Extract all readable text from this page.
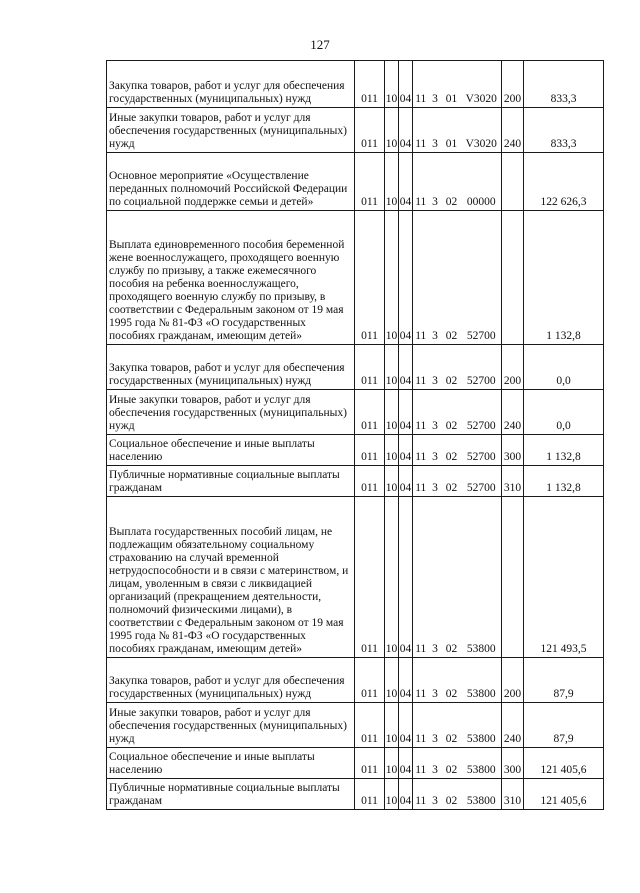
127
Закупка товаров, работ и услуг для обеспечения государственных (муниципальных) нужд	011	10	04	11	3	01	V3020	200	833,3
Иные закупки товаров, работ и услуг для обеспечения государственных (муниципальных) нужд	011	10	04	11	3	01	V3020	240	833,3
Основное мероприятие «Осуществление переданных полномочий Российской Федерации по социальной поддержке семьи и детей»	011	10	04	11	3	02	00000		122 626,3
Выплата единовременного пособия беременной жене военнослужащего, проходящего военную службу по призыву, а также ежемесячного пособия на ребенка военнослужащего, проходящего военную службу по призыву, в соответствии с Федеральным законом от 19 мая 1995 года № 81-ФЗ «О государственных пособиях гражданам, имеющим детей»	011	10	04	11	3	02	52700		1 132,8
Закупка товаров, работ и услуг для обеспечения государственных (муниципальных) нужд	011	10	04	11	3	02	52700	200	0,0
Иные закупки товаров, работ и услуг для обеспечения государственных (муниципальных) нужд	011	10	04	11	3	02	52700	240	0,0
Социальное обеспечение и иные выплаты населению	011	10	04	11	3	02	52700	300	1 132,8
Публичные нормативные социальные выплаты гражданам	011	10	04	11	3	02	52700	310	1 132,8
Выплата государственных пособий лицам, не подлежащим обязательному социальному страхованию на случай временной нетрудоспособности и в связи с материнством, и лицам, уволенным в связи с ликвидацией организаций (прекращением деятельности, полномочий физическими лицами), в соответствии с Федеральным законом от 19 мая 1995 года № 81-ФЗ «О государственных пособиях гражданам, имеющим детей»	011	10	04	11	3	02	53800		121 493,5
Закупка товаров, работ и услуг для обеспечения государственных (муниципальных) нужд	011	10	04	11	3	02	53800	200	87,9
Иные закупки товаров, работ и услуг для обеспечения государственных (муниципальных) нужд	011	10	04	11	3	02	53800	240	87,9
Социальное обеспечение и иные выплаты населению	011	10	04	11	3	02	53800	300	121 405,6
Публичные нормативные социальные выплаты гражданам	011	10	04	11	3	02	53800	310	121 405,6
